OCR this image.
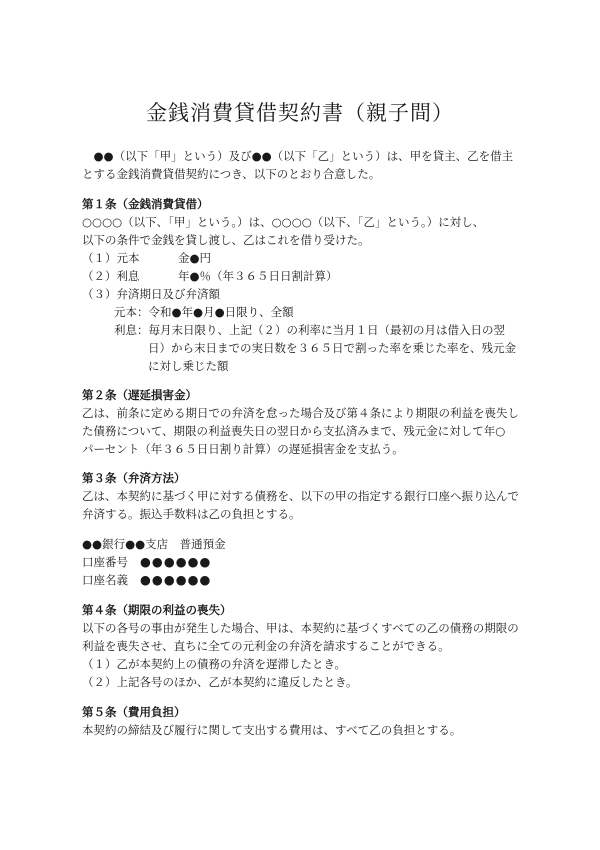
金銭消費貸借契約書（親子間）
　●●（以下「甲」という）及び●●（以下「乙」という）は、甲を貸主、乙を借主
とする金銭消費貸借契約につき、以下のとおり合意した。
第１条（金銭消費貸借）
○○○○（以下、「甲」という。）は、○○○○（以下、「乙」という。）に対し、
以下の条件で金銭を貸し渡し、乙はこれを借り受けた。
（１）元本	金●円
（２）利息	年●％（年３６５日日割計算）
（３）弁済期日及び弁済額
元本：令和●年●月●日限り、全額
利息：毎月末日限り、上記（２）の利率に当月１日（最初の月は借入日の翌
日）から末日までの実日数を３６５日で割った率を乗じた率を、残元金
に対し乗じた額
第２条（遅延損害金）
乙は、前条に定める期日での弁済を怠った場合及び第４条により期限の利益を喪失し
た債務について、期限の利益喪失日の翌日から支払済みまで、残元金に対して年○
パーセント（年３６５日日割り計算）の遅延損害金を支払う。
第３条（弁済方法）
乙は、本契約に基づく甲に対する債務を、以下の甲の指定する銀行口座へ振り込んで
弁済する。振込手数料は乙の負担とする。
●●銀行●●支店　普通預金
口座番号 ●●●●●●
口座名義 ●●●●●●
第４条（期限の利益の喪失）
以下の各号の事由が発生した場合、甲は、本契約に基づくすべての乙の債務の期限の
利益を喪失させ、直ちに全ての元利金の弁済を請求することができる。
（１）乙が本契約上の債務の弁済を遅滞したとき。
（２）上記各号のほか、乙が本契約に違反したとき。
第５条（費用負担）
本契約の締結及び履行に関して支出する費用は、すべて乙の負担とする。
